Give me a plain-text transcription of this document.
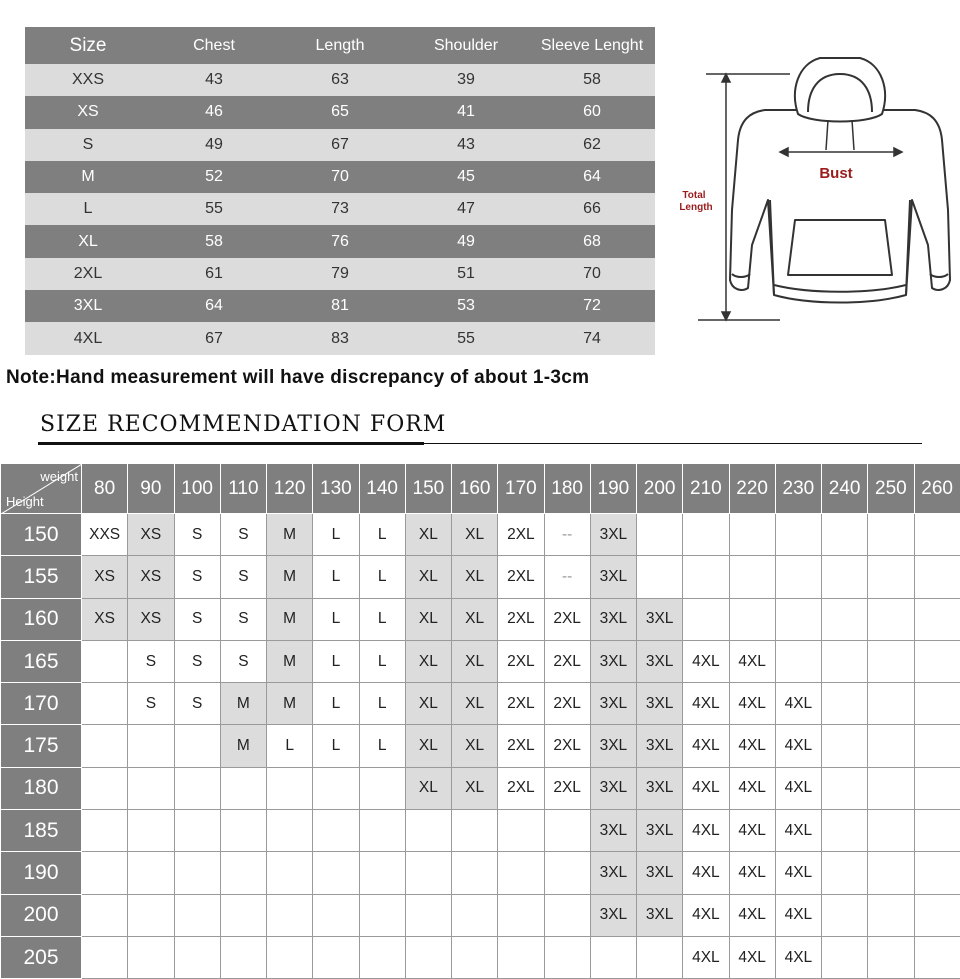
Size	Chest	Length	Shoulder	Sleeve Lenght
XXS	43	63	39	58
XS	46	65	41	60
S	49	67	43	62
M	52	70	45	64
L	55	73	47	66
XL	58	76	49	68
2XL	61	79	51	70
3XL	64	81	53	72
4XL	67	83	55	74
Bust
Total
Length
Note:Hand measurement will have discrepancy of about 1-3cm
SIZE RECOMMENDATION FORM
weight
Height	80	90	100	110	120	130	140	150	160	170	180	190	200	210	220	230	240	250	260
150	XXS	XS	S	S	M	L	L	XL	XL	2XL	--	3XL							
155	XS	XS	S	S	M	L	L	XL	XL	2XL	--	3XL							
160	XS	XS	S	S	M	L	L	XL	XL	2XL	2XL	3XL	3XL						
165		S	S	S	M	L	L	XL	XL	2XL	2XL	3XL	3XL	4XL	4XL				
170		S	S	M	M	L	L	XL	XL	2XL	2XL	3XL	3XL	4XL	4XL	4XL			
175				M	L	L	L	XL	XL	2XL	2XL	3XL	3XL	4XL	4XL	4XL			
180								XL	XL	2XL	2XL	3XL	3XL	4XL	4XL	4XL			
185												3XL	3XL	4XL	4XL	4XL			
190												3XL	3XL	4XL	4XL	4XL			
200												3XL	3XL	4XL	4XL	4XL			
205														4XL	4XL	4XL			
